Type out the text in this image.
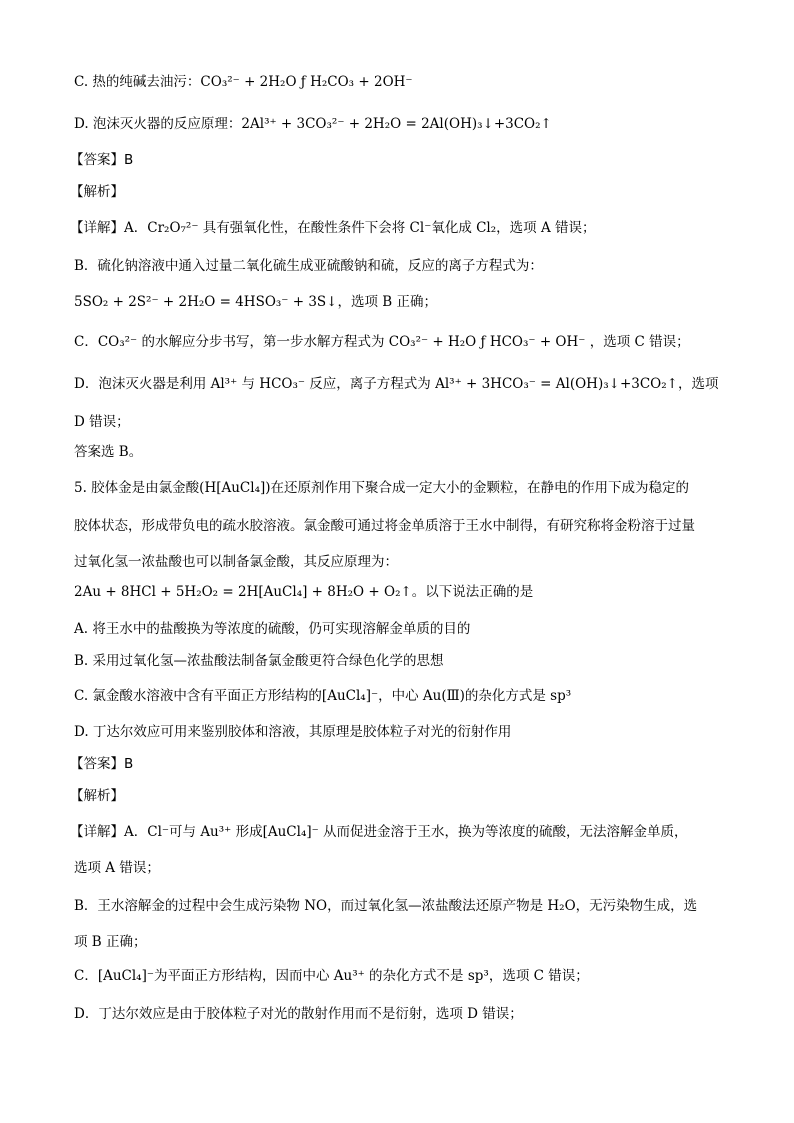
C. 热的纯碱去油污：CO₃²⁻ + 2H₂O ƒ H₂CO₃ + 2OH⁻
D. 泡沫灭火器的反应原理：2Al³⁺ + 3CO₃²⁻ + 2H₂O = 2Al(OH)₃↓+3CO₂↑
【答案】B
【解析】
【详解】A．Cr₂O₇²⁻ 具有强氧化性，在酸性条件下会将 Cl⁻氧化成 Cl₂，选项 A 错误；
B．硫化钠溶液中通入过量二氧化硫生成亚硫酸钠和硫，反应的离子方程式为：
5SO₂ + 2S²⁻ + 2H₂O = 4HSO₃⁻ + 3S↓，选项 B 正确；
C．CO₃²⁻ 的水解应分步书写，第一步水解方程式为 CO₃²⁻ + H₂O ƒ HCO₃⁻ + OH⁻ ，选项 C 错误；
D．泡沫灭火器是利用 Al³⁺ 与 HCO₃⁻ 反应，离子方程式为 Al³⁺ + 3HCO₃⁻ = Al(OH)₃↓+3CO₂↑，选项
D 错误；
答案选 B。
5. 胶体金是由氯金酸(H[AuCl₄])在还原剂作用下聚合成一定大小的金颗粒，在静电的作用下成为稳定的
胶体状态，形成带负电的疏水胶溶液。氯金酸可通过将金单质溶于王水中制得，有研究称将金粉溶于过量
过氧化氢一浓盐酸也可以制备氯金酸，其反应原理为：
2Au + 8HCl + 5H₂O₂ = 2H[AuCl₄] + 8H₂O + O₂↑。以下说法正确的是
A. 将王水中的盐酸换为等浓度的硫酸，仍可实现溶解金单质的目的
B. 采用过氧化氢—浓盐酸法制备氯金酸更符合绿色化学的思想
C. 氯金酸水溶液中含有平面正方形结构的[AuCl₄]⁻，中心 Au(Ⅲ)的杂化方式是 sp³
D. 丁达尔效应可用来鉴别胶体和溶液，其原理是胶体粒子对光的衍射作用
【答案】B
【解析】
【详解】A．Cl⁻可与 Au³⁺ 形成[AuCl₄]⁻ 从而促进金溶于王水，换为等浓度的硫酸，无法溶解金单质，
选项 A 错误；
B．王水溶解金的过程中会生成污染物 NO，而过氧化氢—浓盐酸法还原产物是 H₂O，无污染物生成，选
项 B 正确；
C．[AuCl₄]⁻为平面正方形结构，因而中心 Au³⁺ 的杂化方式不是 sp³，选项 C 错误；
D．丁达尔效应是由于胶体粒子对光的散射作用而不是衍射，选项 D 错误；
